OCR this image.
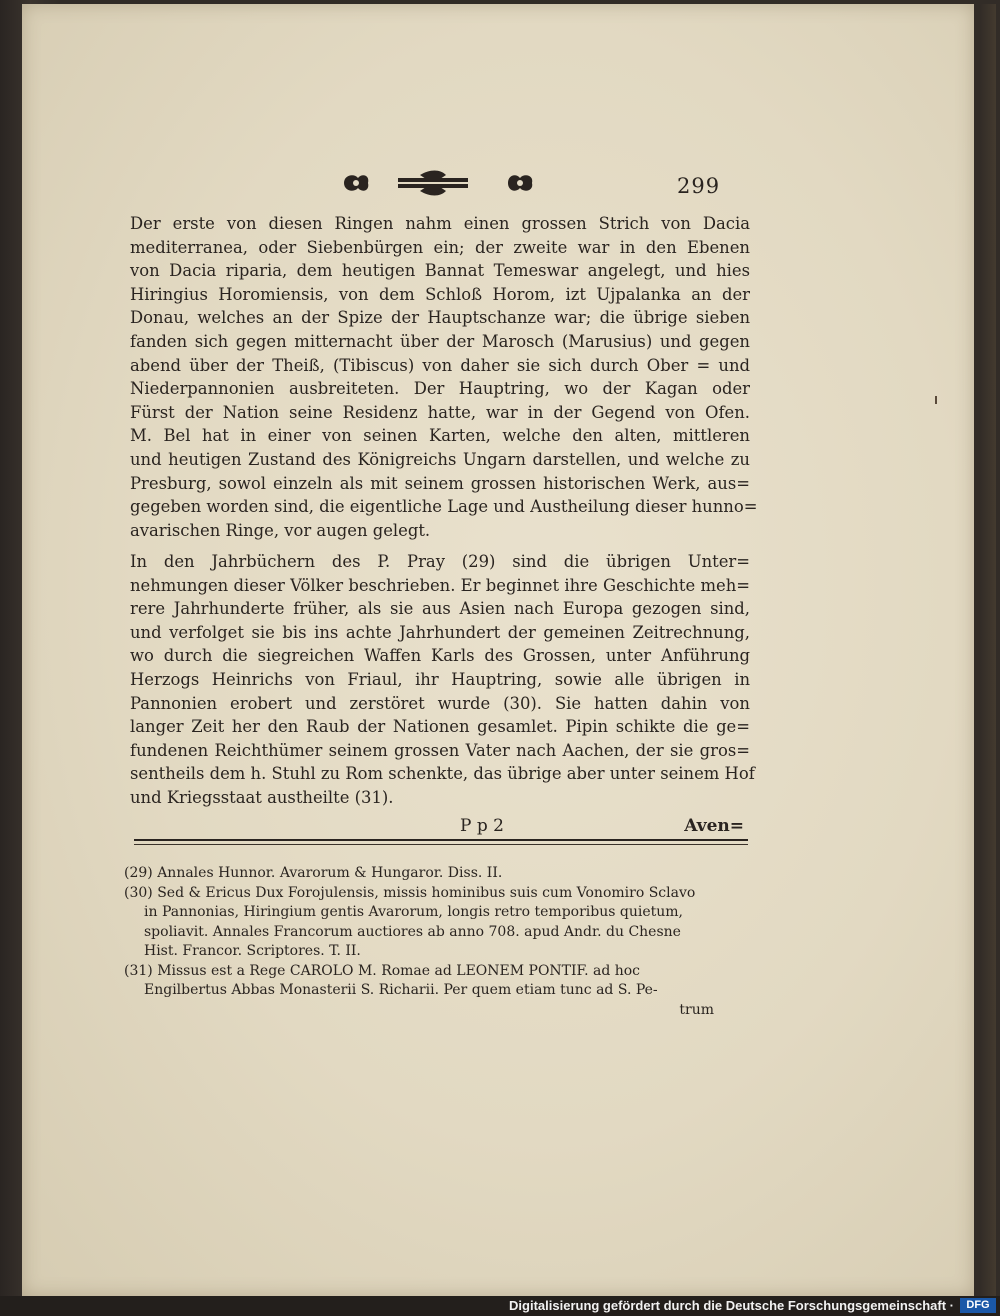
299
Der erste von diesen Ringen nahm einen grossen Strich von Dacia
mediterranea, oder Siebenbürgen ein; der zweite war in den Ebenen
von Dacia riparia, dem heutigen Bannat Temeswar angelegt, und hies
Hiringius Horomiensis, von dem Schloß Horom, izt Ujpalanka an der
Donau, welches an der Spize der Hauptschanze war; die übrige sieben
fanden sich gegen mitternacht über der Marosch (Marusius) und gegen
abend über der Theiß, (Tibiscus) von daher sie sich durch Ober = und
Niederpannonien ausbreiteten. Der Hauptring, wo der Kagan oder
Fürst der Nation seine Residenz hatte, war in der Gegend von Ofen.
M. Bel hat in einer von seinen Karten, welche den alten, mittleren
und heutigen Zustand des Königreichs Ungarn darstellen, und welche zu
Presburg, sowol einzeln als mit seinem grossen historischen Werk, aus=
gegeben worden sind, die eigentliche Lage und Austheilung dieser hunno=
avarischen Ringe, vor augen gelegt.
In den Jahrbüchern des P. Pray (29) sind die übrigen Unter=
nehmungen dieser Völker beschrieben. Er beginnet ihre Geschichte meh=
rere Jahrhunderte früher, als sie aus Asien nach Europa gezogen sind,
und verfolget sie bis ins achte Jahrhundert der gemeinen Zeitrechnung,
wo durch die siegreichen Waffen Karls des Grossen, unter Anführung
Herzogs Heinrichs von Friaul, ihr Hauptring, sowie alle übrigen in
Pannonien erobert und zerstöret wurde (30). Sie hatten dahin von
langer Zeit her den Raub der Nationen gesamlet. Pipin schikte die ge=
fundenen Reichthümer seinem grossen Vater nach Aachen, der sie gros=
sentheils dem h. Stuhl zu Rom schenkte, das übrige aber unter seinem Hof
und Kriegsstaat austheilte (31).
P p 2	Aven=
(29) Annales Hunnor. Avarorum & Hungaror. Diss. II.
(30) Sed & Ericus Dux Forojulensis, missis hominibus suis cum Vonomiro Sclavo
in Pannonias, Hiringium gentis Avarorum, longis retro temporibus quietum,
spoliavit. Annales Francorum auctiores ab anno 708. apud Andr. du Chesne
Hist. Francor. Scriptores. T. II.
(31) Missus est a Rege CAROLO M. Romae ad LEONEM PONTIF. ad hoc
Engilbertus Abbas Monasterii S. Richarii. Per quem etiam tunc ad S. Pe-
trum
Digitalisierung gefördert durch die Deutsche Forschungsgemeinschaft ·	DFG
